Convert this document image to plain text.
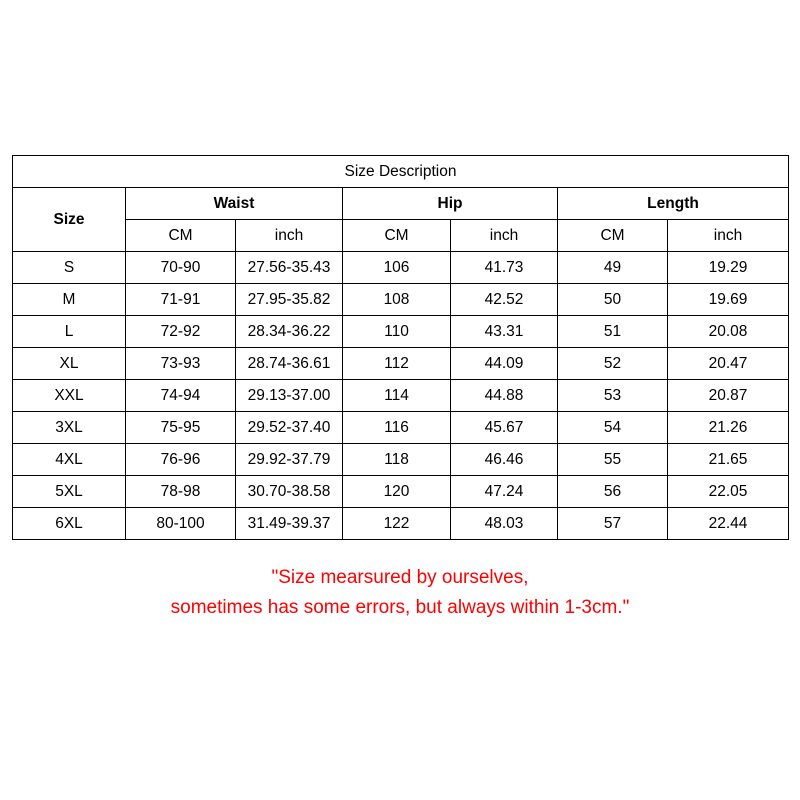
Size Description						
Size	Waist		Hip		Length	
	CM	inch	CM	inch	CM	inch
S	70-90	27.56-35.43	106	41.73	49	19.29
M	71-91	27.95-35.82	108	42.52	50	19.69
L	72-92	28.34-36.22	110	43.31	51	20.08
XL	73-93	28.74-36.61	112	44.09	52	20.47
XXL	74-94	29.13-37.00	114	44.88	53	20.87
3XL	75-95	29.52-37.40	116	45.67	54	21.26
4XL	76-96	29.92-37.79	118	46.46	55	21.65
5XL	78-98	30.70-38.58	120	47.24	56	22.05
6XL	80-100	31.49-39.37	122	48.03	57	22.44
"Size mearsured by ourselves,
sometimes has some errors, but always within 1-3cm."
